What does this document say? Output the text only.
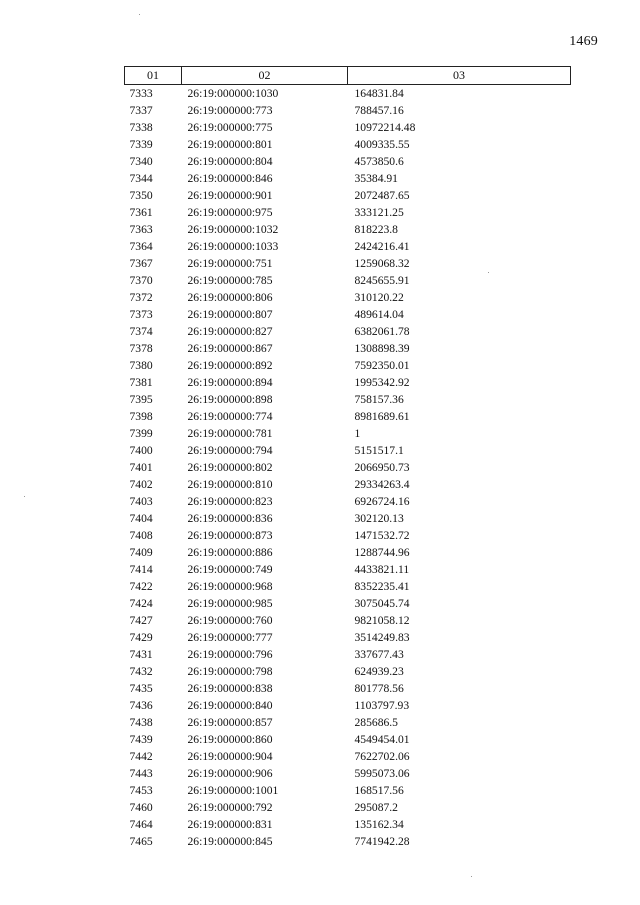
1469
01	02	03
7333	26:19:000000:1030	164831.84
7337	26:19:000000:773	788457.16
7338	26:19:000000:775	10972214.48
7339	26:19:000000:801	4009335.55
7340	26:19:000000:804	4573850.6
7344	26:19:000000:846	35384.91
7350	26:19:000000:901	2072487.65
7361	26:19:000000:975	333121.25
7363	26:19:000000:1032	818223.8
7364	26:19:000000:1033	2424216.41
7367	26:19:000000:751	1259068.32
7370	26:19:000000:785	8245655.91
7372	26:19:000000:806	310120.22
7373	26:19:000000:807	489614.04
7374	26:19:000000:827	6382061.78
7378	26:19:000000:867	1308898.39
7380	26:19:000000:892	7592350.01
7381	26:19:000000:894	1995342.92
7395	26:19:000000:898	758157.36
7398	26:19:000000:774	8981689.61
7399	26:19:000000:781	1
7400	26:19:000000:794	5151517.1
7401	26:19:000000:802	2066950.73
7402	26:19:000000:810	29334263.4
7403	26:19:000000:823	6926724.16
7404	26:19:000000:836	302120.13
7408	26:19:000000:873	1471532.72
7409	26:19:000000:886	1288744.96
7414	26:19:000000:749	4433821.11
7422	26:19:000000:968	8352235.41
7424	26:19:000000:985	3075045.74
7427	26:19:000000:760	9821058.12
7429	26:19:000000:777	3514249.83
7431	26:19:000000:796	337677.43
7432	26:19:000000:798	624939.23
7435	26:19:000000:838	801778.56
7436	26:19:000000:840	1103797.93
7438	26:19:000000:857	285686.5
7439	26:19:000000:860	4549454.01
7442	26:19:000000:904	7622702.06
7443	26:19:000000:906	5995073.06
7453	26:19:000000:1001	168517.56
7460	26:19:000000:792	295087.2
7464	26:19:000000:831	135162.34
7465	26:19:000000:845	7741942.28
